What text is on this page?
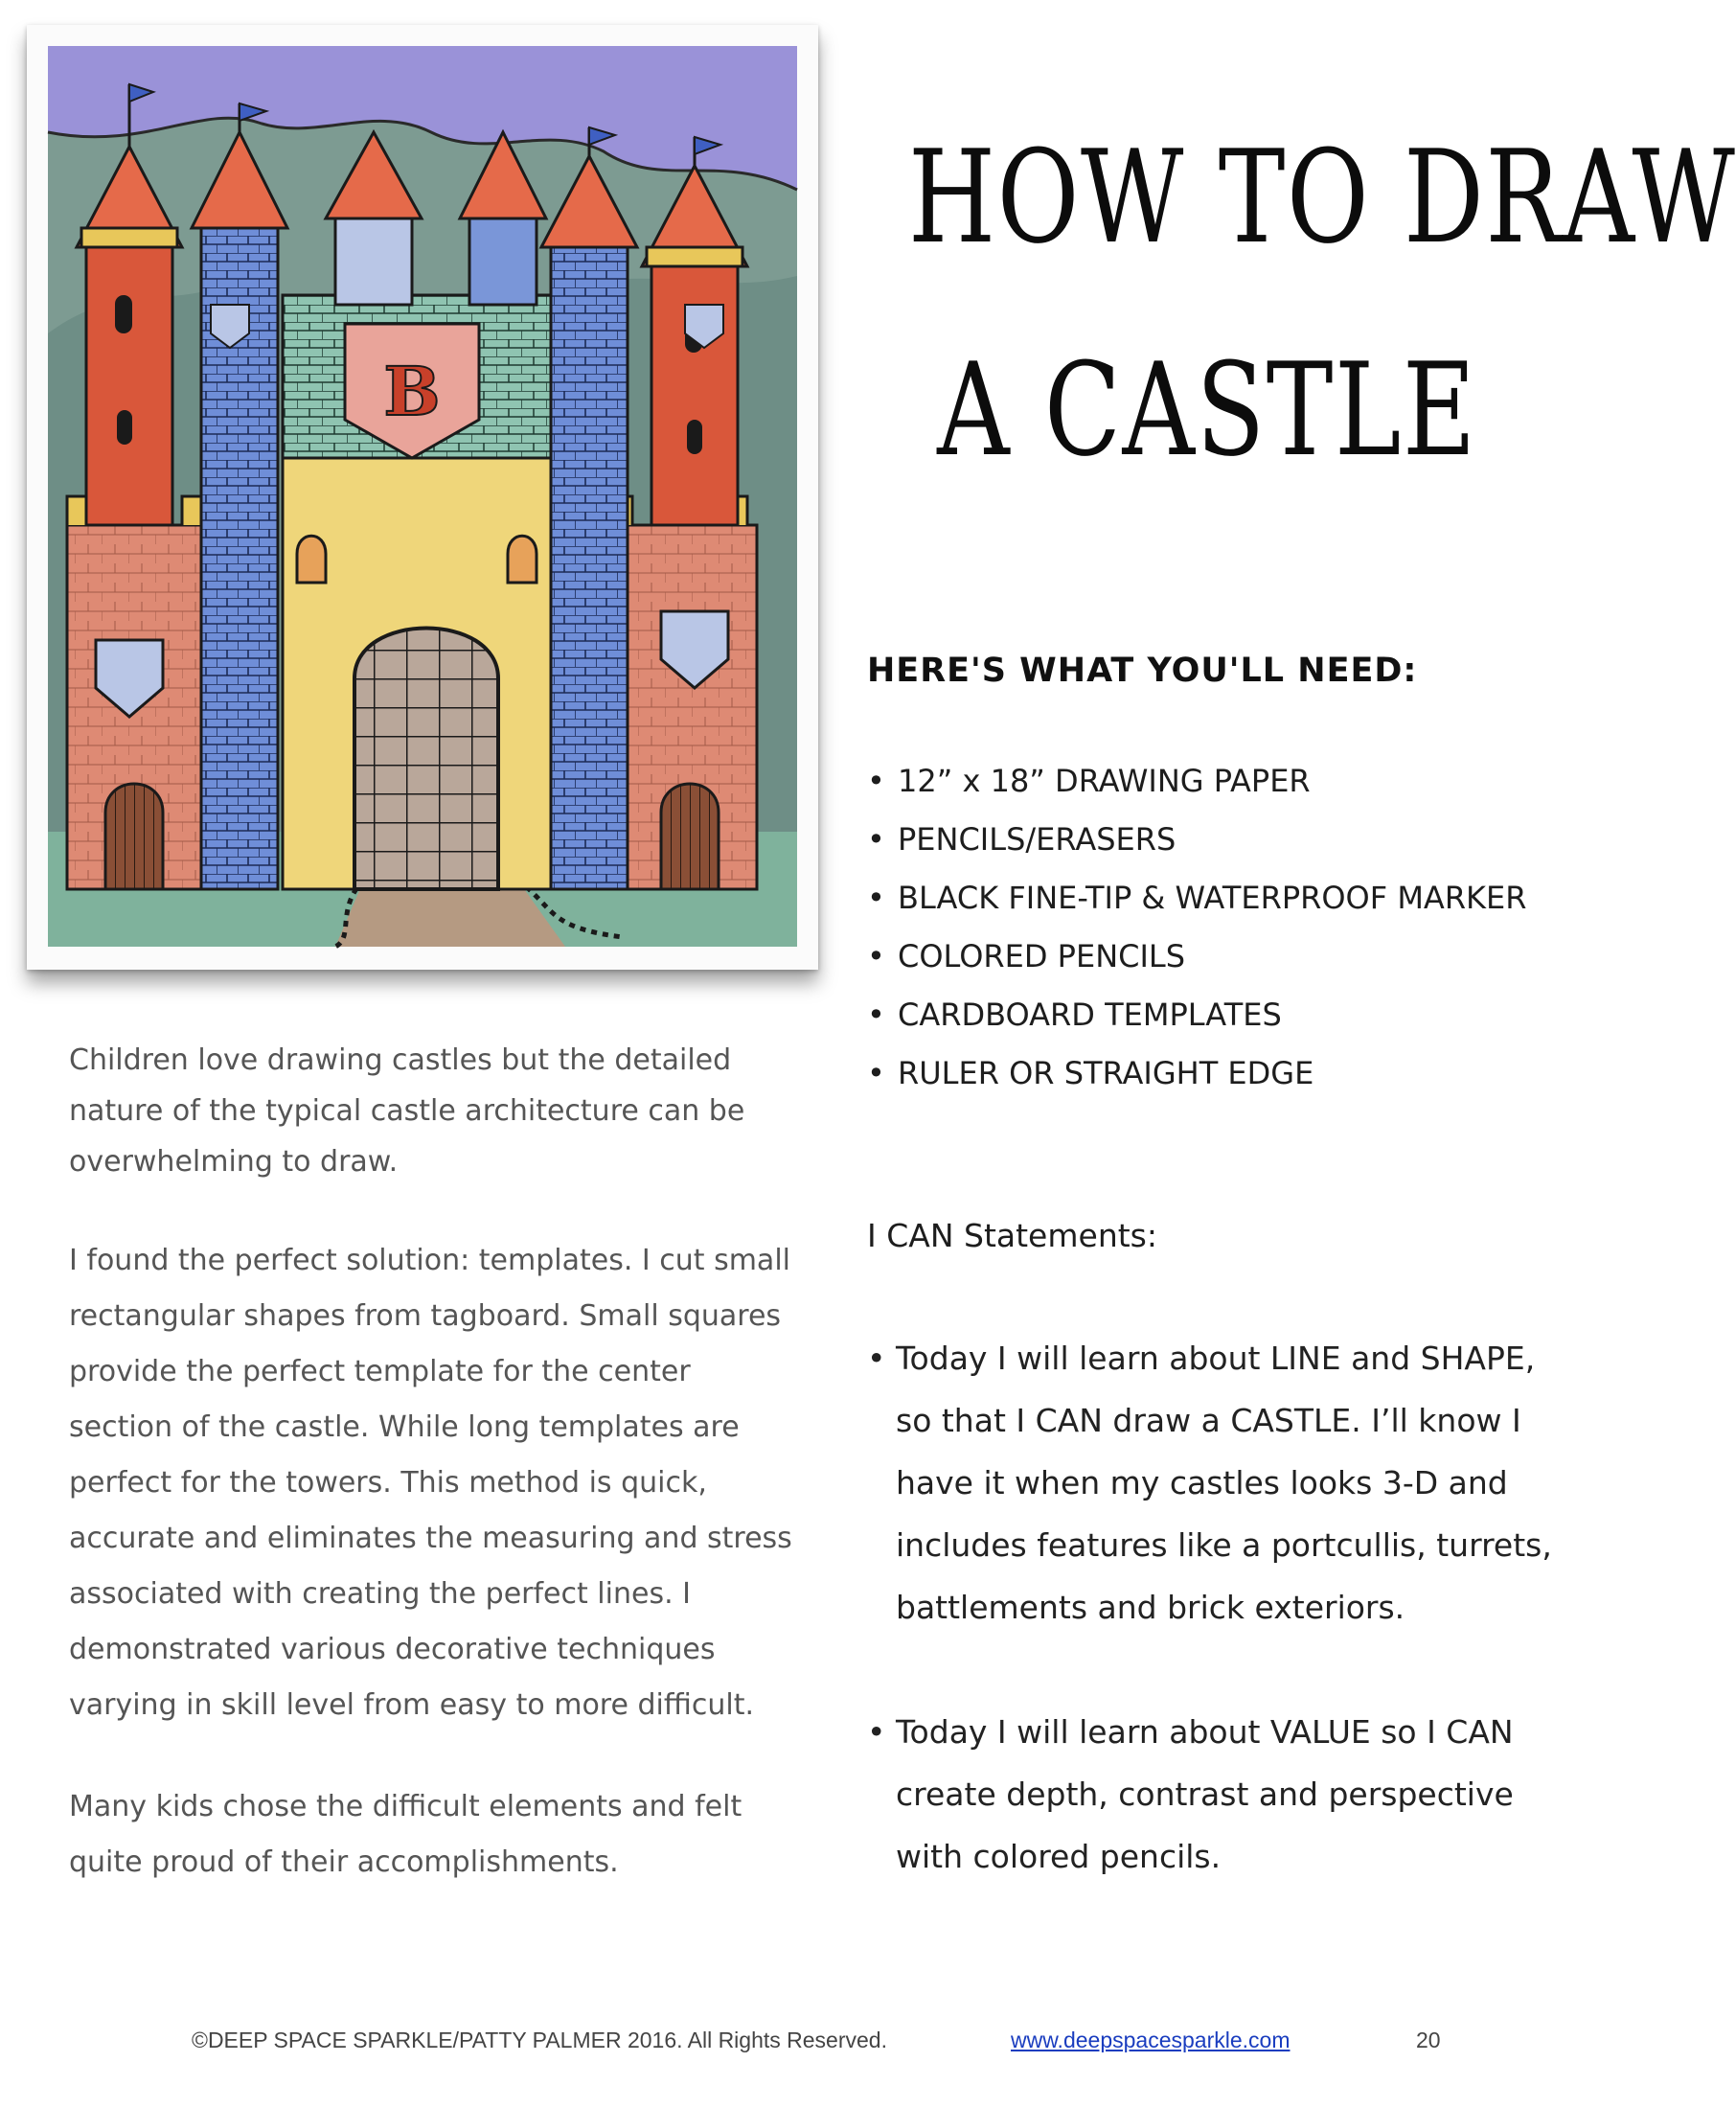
B
HOW TO DRAW
A CASTLE
HERE'S WHAT YOU'LL NEED:
• 12” x 18” DRAWING PAPER
• PENCILS/ERASERS
• BLACK FINE-TIP & WATERPROOF MARKER
• COLORED PENCILS
• CARDBOARD TEMPLATES
• RULER OR STRAIGHT EDGE
I CAN Statements:
• Today I will learn about LINE and SHAPE, so that I CAN draw a CASTLE. I’ll know I have it when my castles looks 3-D and includes features like a portcullis, turrets, battlements and brick exteriors.
• Today I will learn about VALUE so I CAN create depth, contrast and perspective with colored pencils.

Children love drawing castles but the detailed nature of the typical castle architecture can be overwhelming to draw.

I found the perfect solution: templates. I cut small rectangular shapes from tagboard. Small squares provide the perfect template for the center section of the castle. While long templates are perfect for the towers. This method is quick, accurate and eliminates the measuring and stress associated with creating the perfect lines. I demonstrated various decorative techniques varying in skill level from easy to more difficult.

Many kids chose the difficult elements and felt quite proud of their accomplishments.

©DEEP SPACE SPARKLE/PATTY PALMER 2016. All Rights Reserved.	www.deepspacesparkle.com	20
